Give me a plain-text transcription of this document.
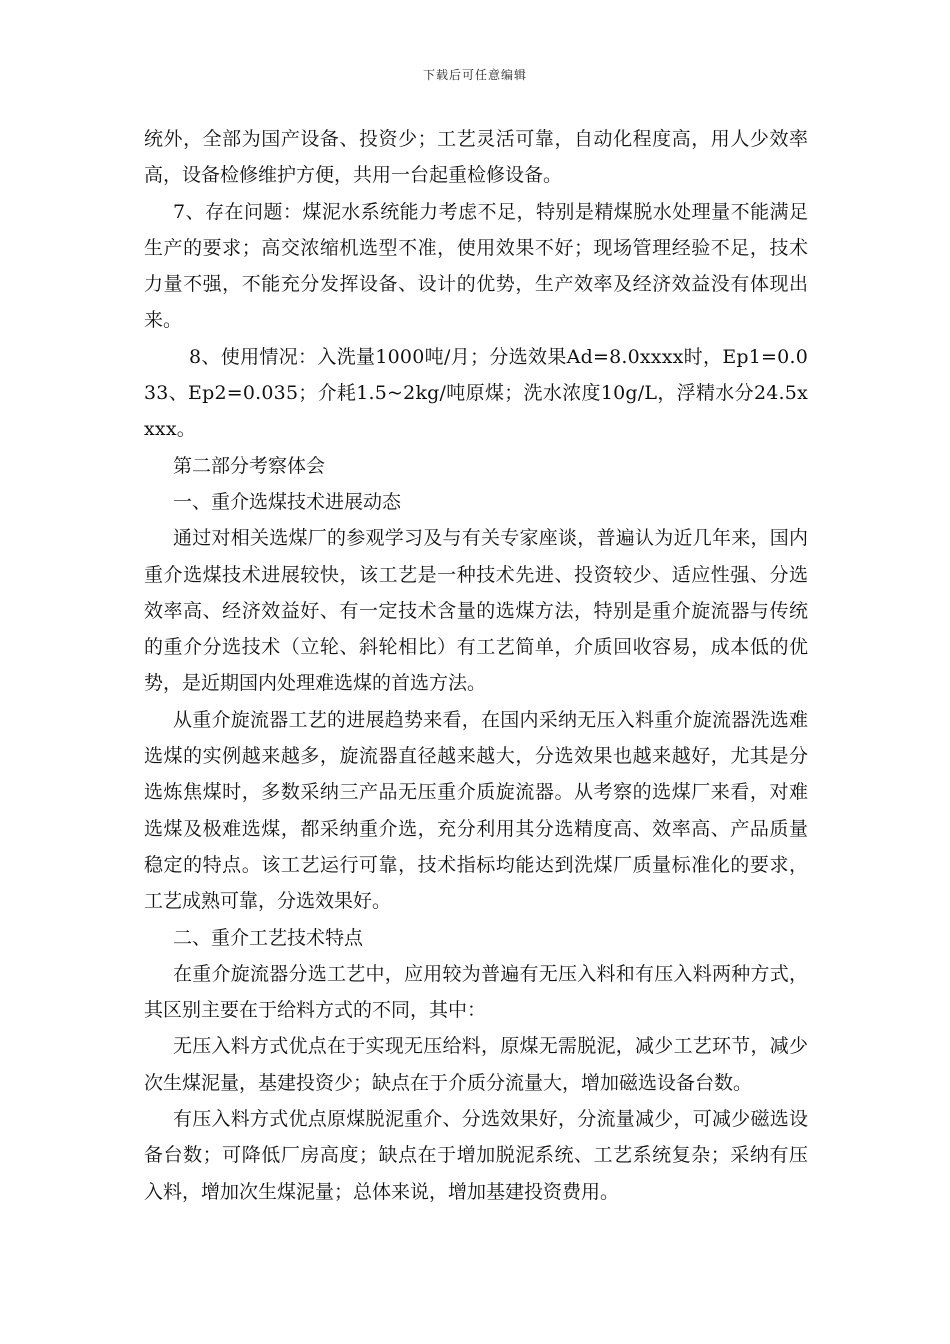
下载后可任意编辑

统外，全部为国产设备、投资少；工艺灵活可靠，自动化程度高，用人少效率高，设备检修维护方便，共用一台起重检修设备。

7、存在问题：煤泥水系统能力考虑不足，特别是精煤脱水处理量不能满足生产的要求；高交浓缩机选型不准，使用效果不好；现场管理经验不足，技术力量不强，不能充分发挥设备、设计的优势，生产效率及经济效益没有体现出来。

8、使用情况：入洗量1000吨/月；分选效果Ad=8.0xxxx时，Ep1=0.033、Ep2=0.035；介耗1.5~2kg/吨原煤；洗水浓度10g/L，浮精水分24.5xxxx。

第二部分考察体会

一、重介选煤技术进展动态

通过对相关选煤厂的参观学习及与有关专家座谈，普遍认为近几年来，国内重介选煤技术进展较快，该工艺是一种技术先进、投资较少、适应性强、分选效率高、经济效益好、有一定技术含量的选煤方法，特别是重介旋流器与传统的重介分选技术（立轮、斜轮相比）有工艺简单，介质回收容易，成本低的优势，是近期国内处理难选煤的首选方法。

从重介旋流器工艺的进展趋势来看，在国内采纳无压入料重介旋流器洗选难选煤的实例越来越多，旋流器直径越来越大，分选效果也越来越好，尤其是分选炼焦煤时，多数采纳三产品无压重介质旋流器。从考察的选煤厂来看，对难选煤及极难选煤，都采纳重介选，充分利用其分选精度高、效率高、产品质量稳定的特点。该工艺运行可靠，技术指标均能达到洗煤厂质量标准化的要求，工艺成熟可靠，分选效果好。

二、重介工艺技术特点

在重介旋流器分选工艺中，应用较为普遍有无压入料和有压入料两种方式，其区别主要在于给料方式的不同，其中：

无压入料方式优点在于实现无压给料，原煤无需脱泥，减少工艺环节，减少次生煤泥量，基建投资少；缺点在于介质分流量大，增加磁选设备台数。

有压入料方式优点原煤脱泥重介、分选效果好，分流量减少，可减少磁选设备台数；可降低厂房高度；缺点在于增加脱泥系统、工艺系统复杂；采纳有压入料，增加次生煤泥量；总体来说，增加基建投资费用。
